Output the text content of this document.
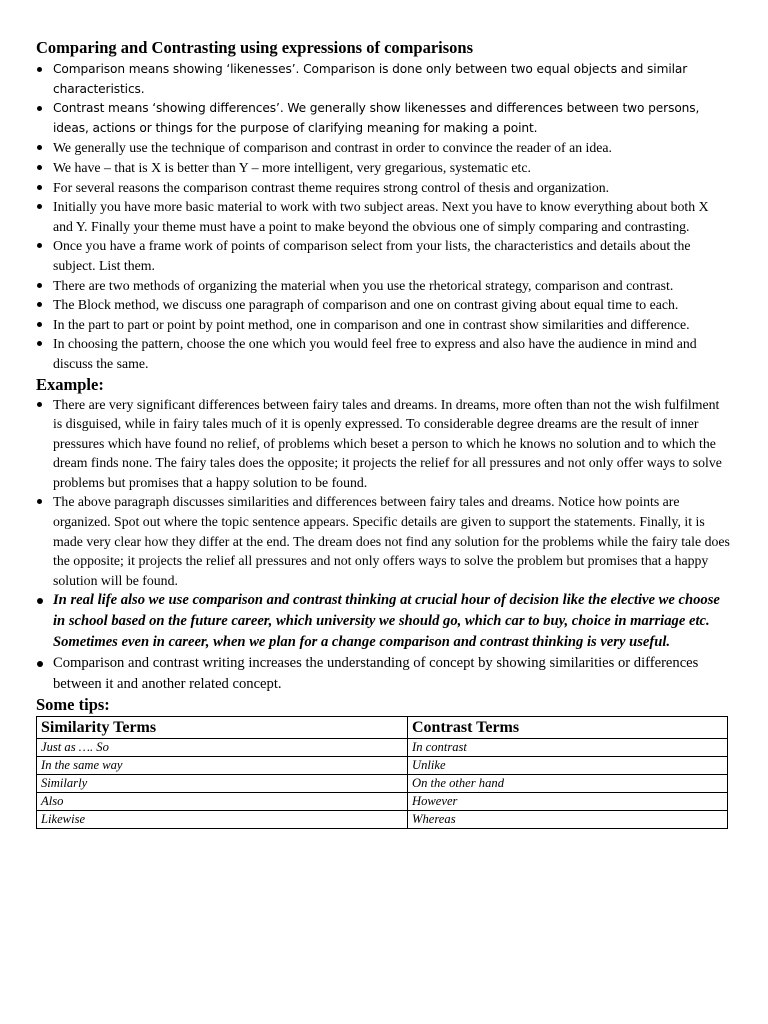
Comparing and Contrasting using expressions of comparisons
Comparison means showing ‘likenesses’. Comparison is done only between two equal objects and similar characteristics.
Contrast means ‘showing differences’. We generally show likenesses and differences between two persons, ideas, actions or things for the purpose of clarifying meaning for making a point.
We generally use the technique of comparison and contrast in order to convince the reader of an idea.
We have – that is X is better than Y – more intelligent, very gregarious, systematic etc.
For several reasons the comparison contrast theme requires strong control of thesis and organization.
Initially you have more basic material to work with two subject areas. Next you have to know everything about both X and Y. Finally your theme must have a point to make beyond the obvious one of simply comparing and contrasting.
Once you have a frame work of points of comparison select from your lists, the characteristics and details about the subject. List them.
There are two methods of organizing the material when you use the rhetorical strategy, comparison and contrast.
The Block method, we discuss one paragraph of comparison and one on contrast giving about equal time to each.
In the part to part or point by point method, one in comparison and one in contrast show similarities and difference.
In choosing the pattern, choose the one which you would feel free to express and also have the audience in mind and discuss the same.
Example:
There are very significant differences between fairy tales and dreams. In dreams, more often than not the wish fulfilment is disguised, while in fairy tales much of it is openly expressed. To considerable degree dreams are the result of inner pressures which have found no relief, of problems which beset a person to which he knows no solution and to which the dream finds none. The fairy tales does the opposite; it projects the relief for all pressures and not only offer ways to solve problems but promises that a happy solution to be found.
The above paragraph discusses similarities and differences between fairy tales and dreams. Notice how points are organized. Spot out where the topic sentence appears. Specific details are given to support the statements. Finally, it is made very clear how they differ at the end. The dream does not find any solution for the problems while the fairy tale does the opposite; it projects the relief all pressures and not only offers ways to solve the problem but promises that a happy solution will be found.
In real life also we use comparison and contrast thinking at crucial hour of decision like the elective we choose in school based on the future career, which university we should go, which car to buy, choice in marriage etc. Sometimes even in career, when we plan for a change comparison and contrast thinking is very useful.
Comparison and contrast writing increases the understanding of concept by showing similarities or differences between it and another related concept.
Some tips:
Similarity Terms	Contrast Terms
Just as …. So	In contrast
In the same way	Unlike
Similarly	On the other hand
Also	However
Likewise	Whereas
